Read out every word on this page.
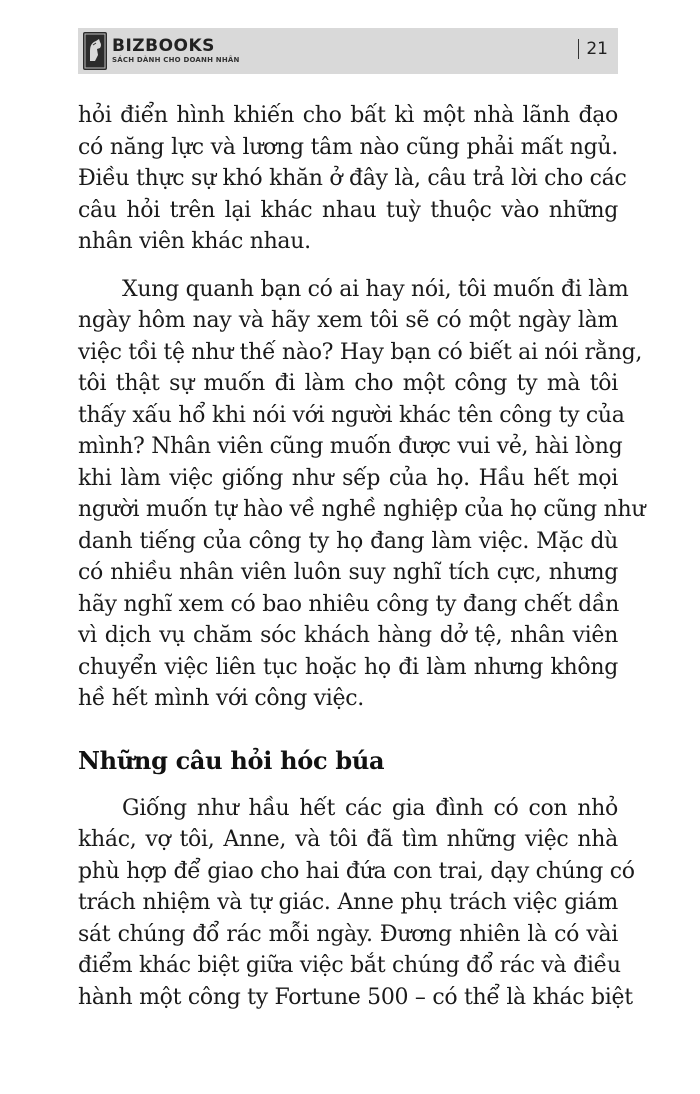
BIZBOOKS
SÁCH DÀNH CHO DOANH NHÂN
21
hỏi điển hình khiến cho bất kì một nhà lãnh đạo
có năng lực và lương tâm nào cũng phải mất ngủ.
Điều thực sự khó khăn ở đây là, câu trả lời cho các
câu hỏi trên lại khác nhau tuỳ thuộc vào những
nhân viên khác nhau.
Xung quanh bạn có ai hay nói, tôi muốn đi làm
ngày hôm nay và hãy xem tôi sẽ có một ngày làm
việc tồi tệ như thế nào? Hay bạn có biết ai nói rằng,
tôi thật sự muốn đi làm cho một công ty mà tôi
thấy xấu hổ khi nói với người khác tên công ty của
mình? Nhân viên cũng muốn được vui vẻ, hài lòng
khi làm việc giống như sếp của họ. Hầu hết mọi
người muốn tự hào về nghề nghiệp của họ cũng như
danh tiếng của công ty họ đang làm việc. Mặc dù
có nhiều nhân viên luôn suy nghĩ tích cực, nhưng
hãy nghĩ xem có bao nhiêu công ty đang chết dần
vì dịch vụ chăm sóc khách hàng dở tệ, nhân viên
chuyển việc liên tục hoặc họ đi làm nhưng không
hề hết mình với công việc.
Những câu hỏi hóc búa
Giống như hầu hết các gia đình có con nhỏ
khác, vợ tôi, Anne, và tôi đã tìm những việc nhà
phù hợp để giao cho hai đứa con trai, dạy chúng có
trách nhiệm và tự giác. Anne phụ trách việc giám
sát chúng đổ rác mỗi ngày. Đương nhiên là có vài
điểm khác biệt giữa việc bắt chúng đổ rác và điều
hành một công ty Fortune 500 – có thể là khác biệt
